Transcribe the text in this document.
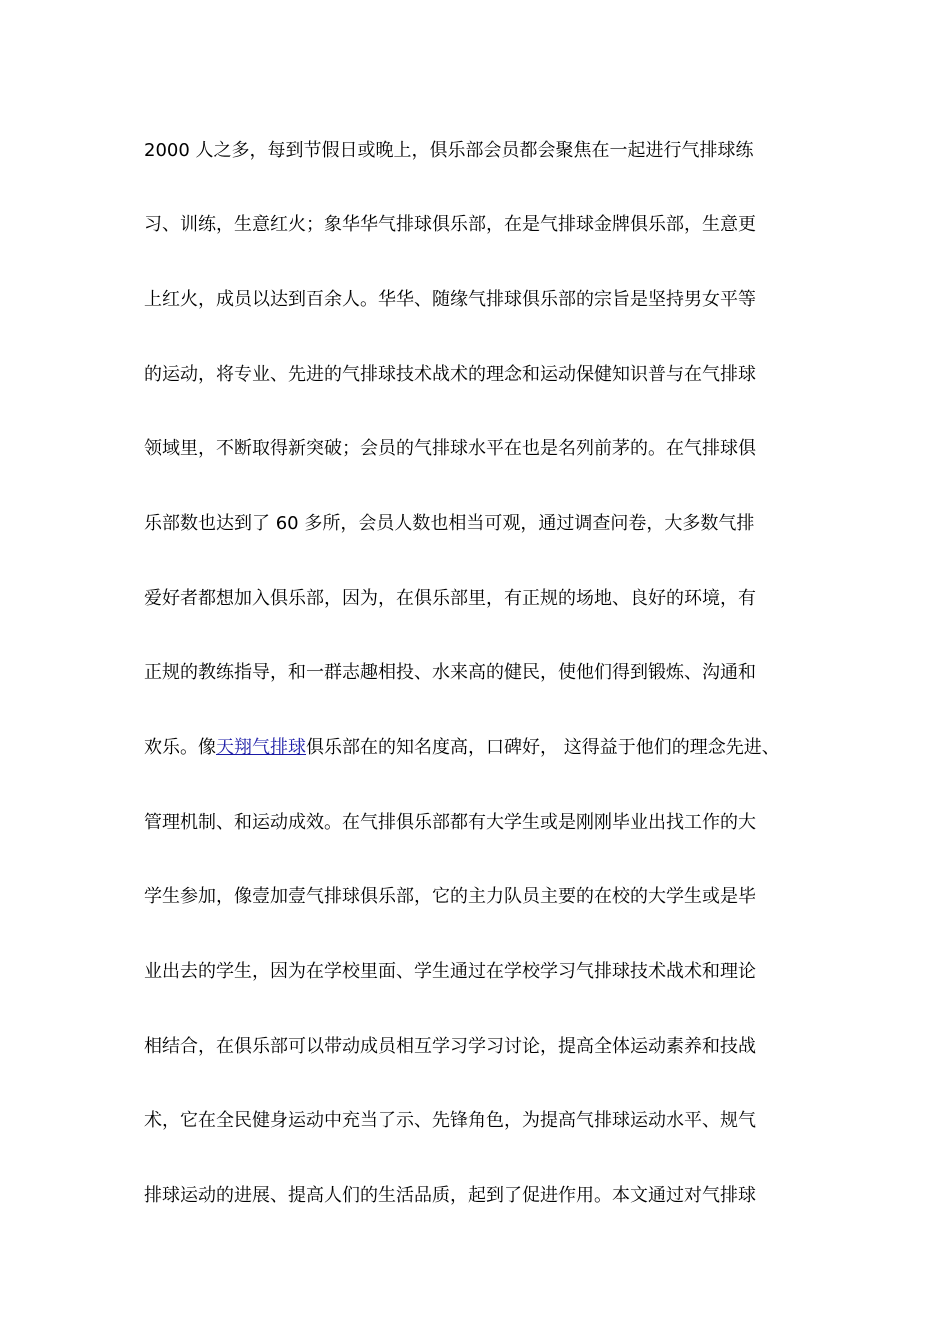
2000 人之多，每到节假日或晚上，俱乐部会员都会聚焦在一起进行气排球练
习、训练，生意红火；象华华气排球俱乐部，在是气排球金牌俱乐部，生意更
上红火，成员以达到百余人。华华、随缘气排球俱乐部的宗旨是坚持男女平等
的运动，将专业、先进的气排球技术战术的理念和运动保健知识普与在气排球
领域里，不断取得新突破；会员的气排球水平在也是名列前茅的。在气排球俱
乐部数也达到了 60 多所，会员人数也相当可观，通过调查问卷，大多数气排
爱好者都想加入俱乐部，因为，在俱乐部里，有正规的场地、良好的环境，有
正规的教练指导，和一群志趣相投、水来高的健民，使他们得到锻炼、沟通和
欢乐。像天翔气排球俱乐部在的知名度高，口碑好， 这得益于他们的理念先进、
管理机制、和运动成效。在气排俱乐部都有大学生或是刚刚毕业出找工作的大
学生参加，像壹加壹气排球俱乐部，它的主力队员主要的在校的大学生或是毕
业出去的学生，因为在学校里面、学生通过在学校学习气排球技术战术和理论
相结合，在俱乐部可以带动成员相互学习学习讨论，提高全体运动素养和技战
术，它在全民健身运动中充当了示、先锋角色，为提高气排球运动水平、规气
排球运动的进展、提高人们的生活品质，起到了促进作用。本文通过对气排球
